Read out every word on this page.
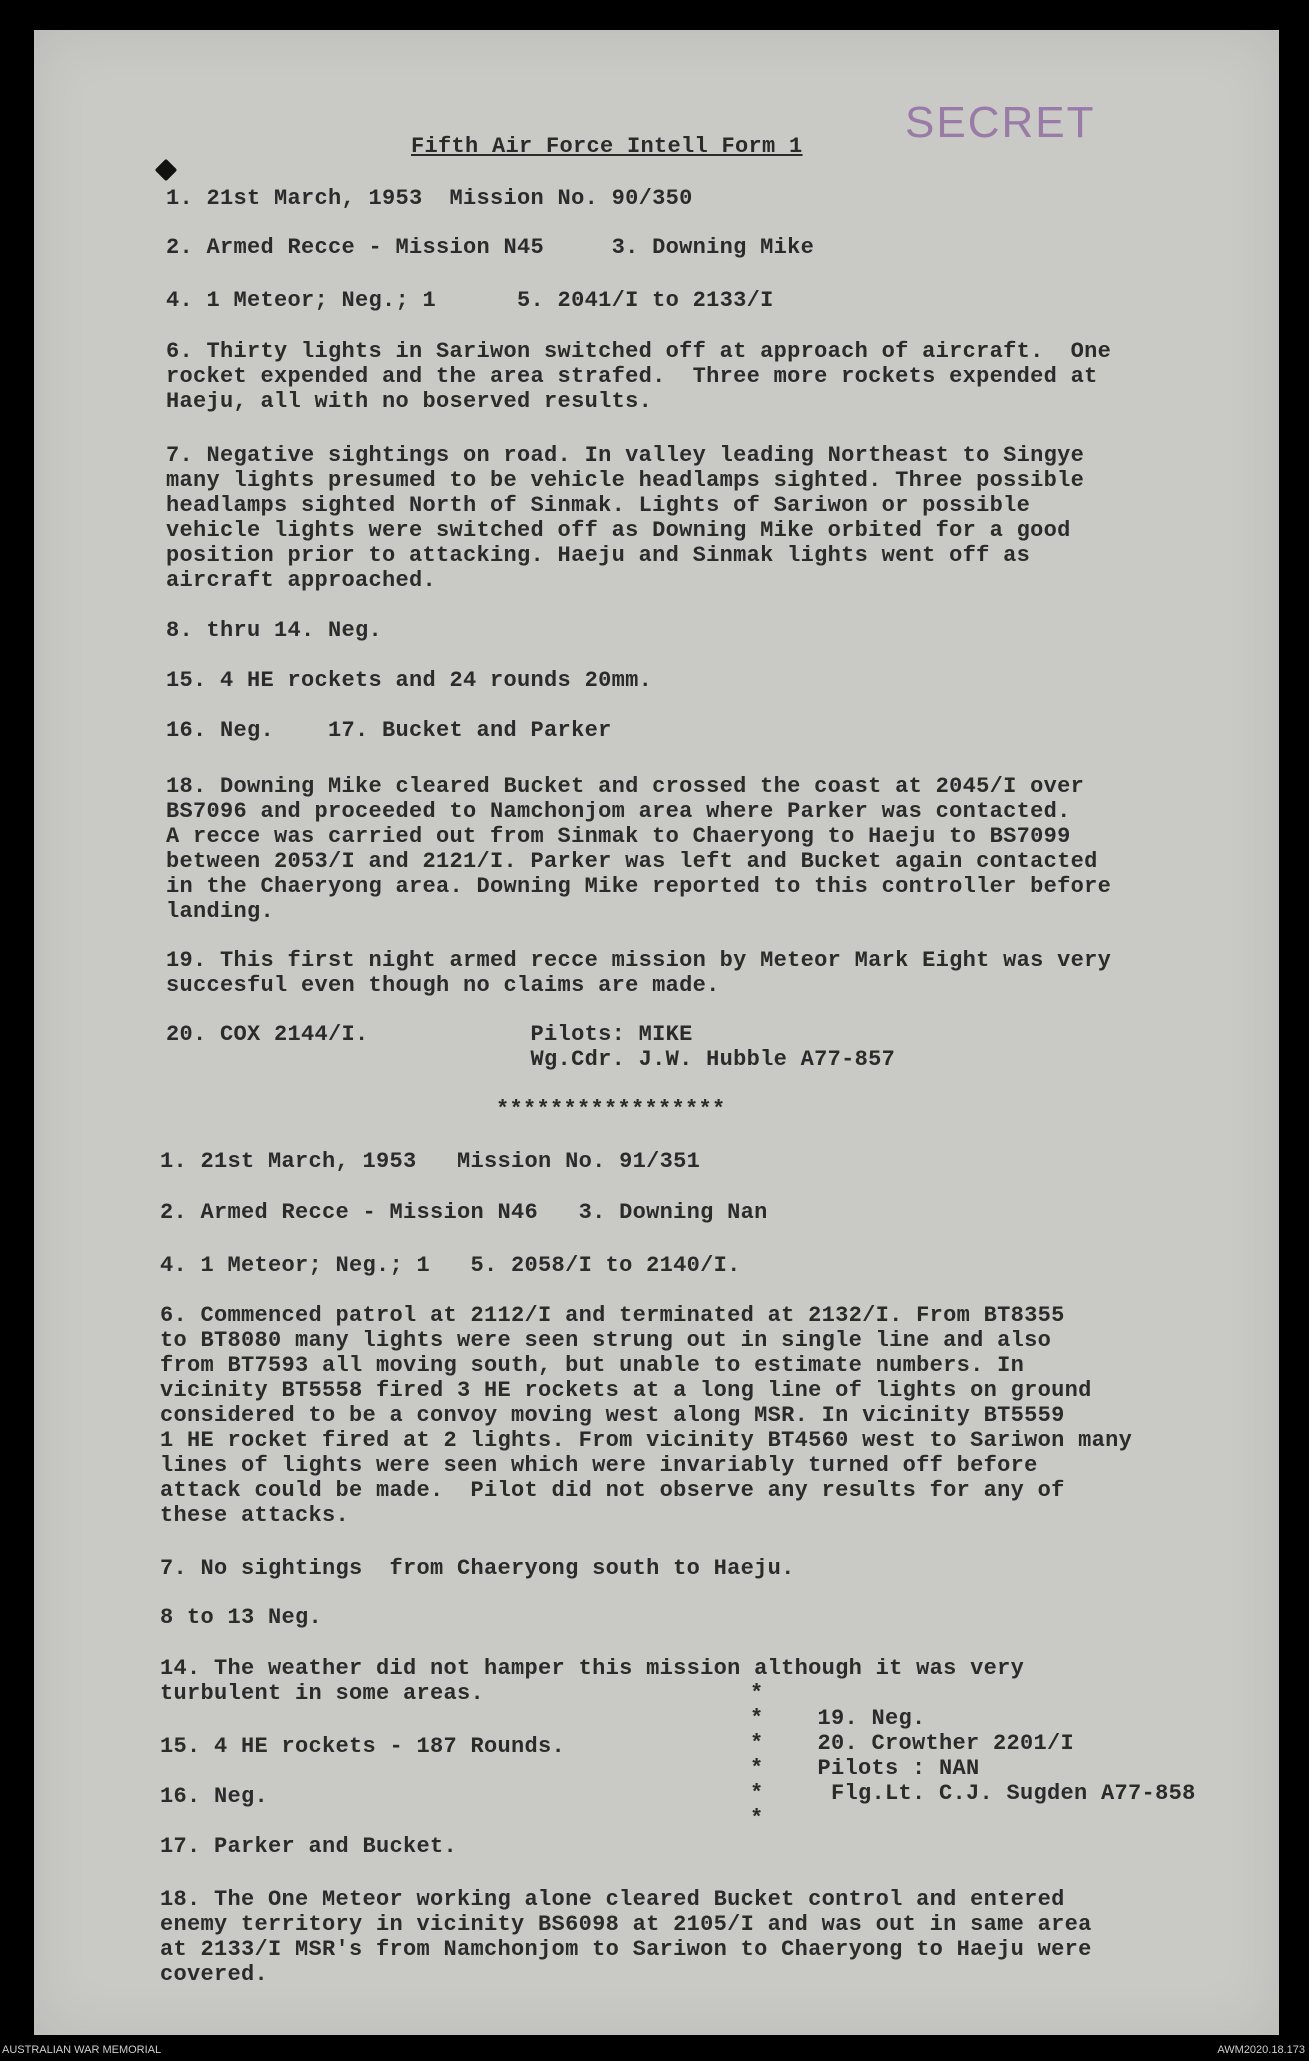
SECRET
Fifth Air Force Intell Form 1
1. 21st March, 1953  Mission No. 90/350
2. Armed Recce - Mission N45     3. Downing Mike
4. 1 Meteor; Neg.; 1      5. 2041/I to 2133/I
6. Thirty lights in Sariwon switched off at approach of aircraft.  One
rocket expended and the area strafed.  Three more rockets expended at
Haeju, all with no boserved results.
7. Negative sightings on road. In valley leading Northeast to Singye
many lights presumed to be vehicle headlamps sighted. Three possible
headlamps sighted North of Sinmak. Lights of Sariwon or possible
vehicle lights were switched off as Downing Mike orbited for a good
position prior to attacking. Haeju and Sinmak lights went off as
aircraft approached.
8. thru 14. Neg.
15. 4 HE rockets and 24 rounds 20mm.
16. Neg.    17. Bucket and Parker
18. Downing Mike cleared Bucket and crossed the coast at 2045/I over
BS7096 and proceeded to Namchonjom area where Parker was contacted.
A recce was carried out from Sinmak to Chaeryong to Haeju to BS7099
between 2053/I and 2121/I. Parker was left and Bucket again contacted
in the Chaeryong area. Downing Mike reported to this controller before
landing.
19. This first night armed recce mission by Meteor Mark Eight was very
succesful even though no claims are made.
20. COX 2144/I.            Pilots: MIKE
Wg.Cdr. J.W. Hubble A77-857
*****************
1. 21st March, 1953   Mission No. 91/351
2. Armed Recce - Mission N46   3. Downing Nan
4. 1 Meteor; Neg.; 1   5. 2058/I to 2140/I.
6. Commenced patrol at 2112/I and terminated at 2132/I. From BT8355
to BT8080 many lights were seen strung out in single line and also
from BT7593 all moving south, but unable to estimate numbers. In
vicinity BT5558 fired 3 HE rockets at a long line of lights on ground
considered to be a convoy moving west along MSR. In vicinity BT5559
1 HE rocket fired at 2 lights. From vicinity BT4560 west to Sariwon many
lines of lights were seen which were invariably turned off before
attack could be made.  Pilot did not observe any results for any of
these attacks.
7. No sightings  from Chaeryong south to Haeju.
8 to 13 Neg.
14. The weather did not hamper this mission although it was very
turbulent in some areas.	*
*    19. Neg.
*    20. Crowther 2201/I
*    Pilots : NAN
*     Flg.Lt. C.J. Sugden A77-858
*
15. 4 HE rockets - 187 Rounds.
16. Neg.
17. Parker and Bucket.
18. The One Meteor working alone cleared Bucket control and entered
enemy territory in vicinity BS6098 at 2105/I and was out in same area
at 2133/I MSR's from Namchonjom to Sariwon to Chaeryong to Haeju were
covered.
AUSTRALIAN WAR MEMORIAL	AWM2020.18.173
